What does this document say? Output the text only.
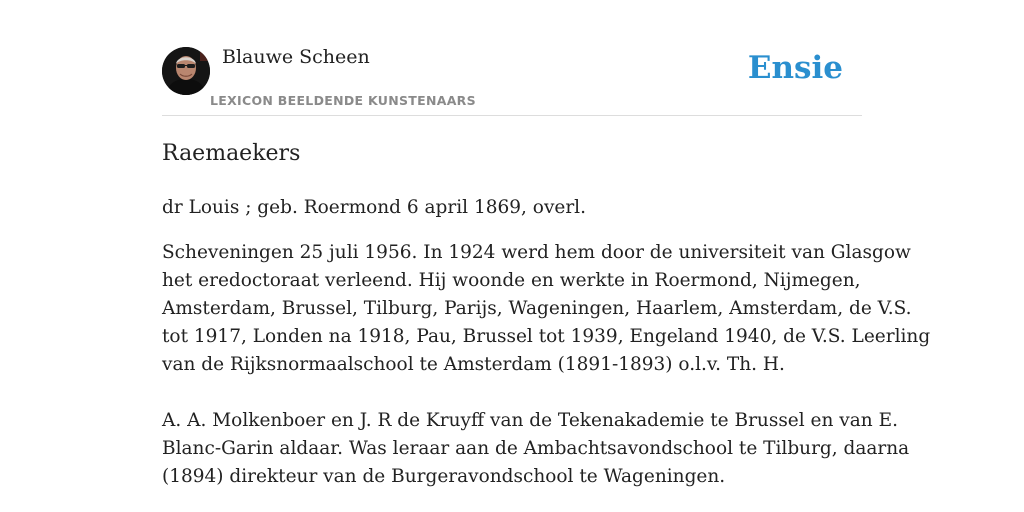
Blauwe Scheen
LEXICON BEELDENDE KUNSTENAARS
Ensie
Raemaekers

dr Louis ; geb. Roermond 6 april 1869, overl.

Scheveningen 25 juli 1956. In 1924 werd hem door de universiteit van Glasgow
het eredoctoraat verleend. Hij woonde en werkte in Roermond, Nijmegen,
Amsterdam, Brussel, Tilburg, Parijs, Wageningen, Haarlem, Amsterdam, de V.S.
tot 1917, Londen na 1918, Pau, Brussel tot 1939, Engeland 1940, de V.S. Leerling
van de Rijksnormaalschool te Amsterdam (1891-1893) o.l.v. Th. H.
A. A. Molkenboer en J. R de Kruyff van de Tekenakademie te Brussel en van E.
Blanc-Garin aldaar. Was leraar aan de Ambachtsavondschool te Tilburg, daarna
(1894) direkteur van de Burgeravondschool te Wageningen.
